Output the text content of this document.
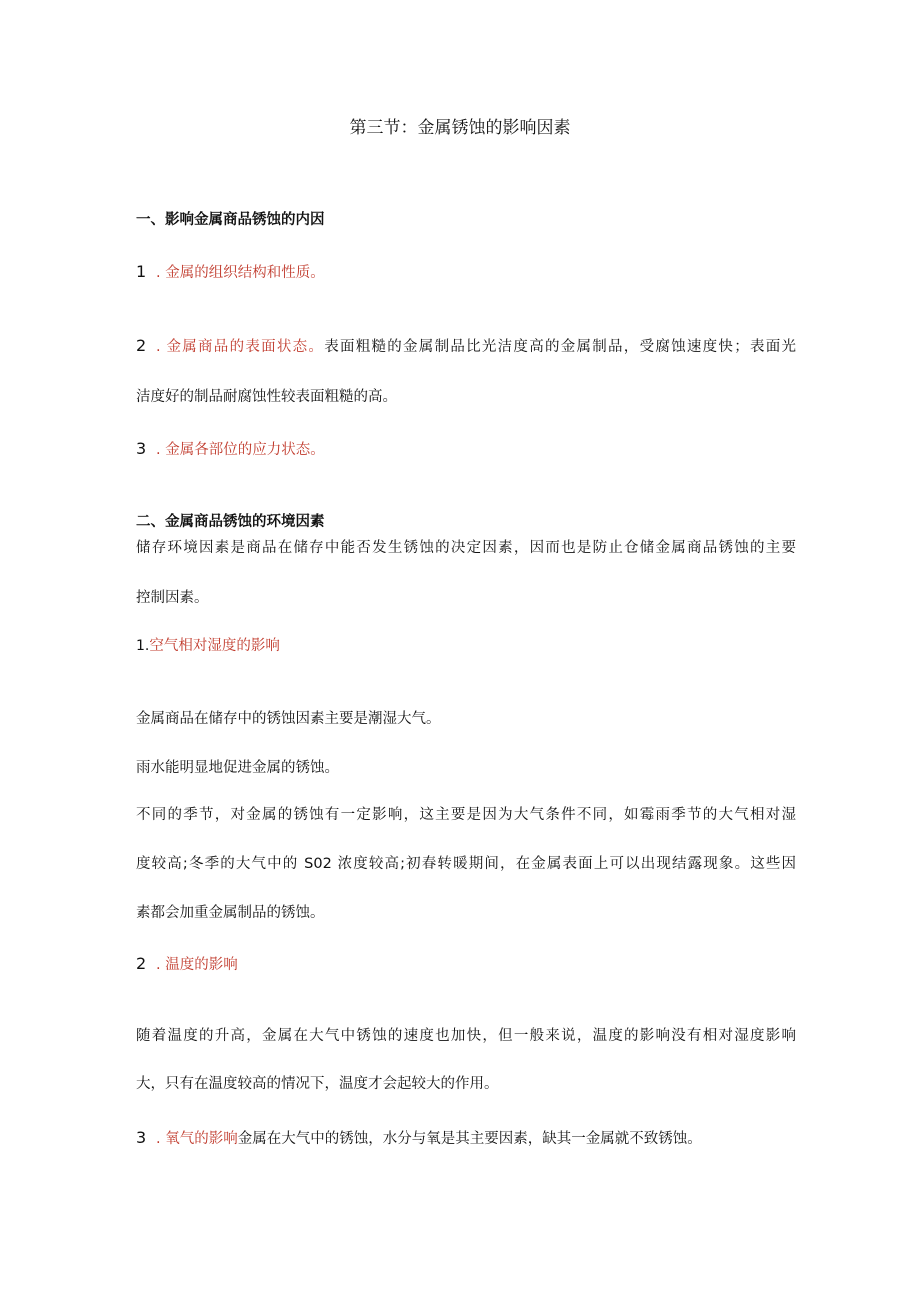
第三节：金属锈蚀的影响因素
一、影响金属商品锈蚀的内因
1 . 金属的组织结构和性质。
2 . 金属商品的表面状态。表面粗糙的金属制品比光洁度高的金属制品，受腐蚀速度快；表面光
洁度好的制品耐腐蚀性较表面粗糙的高。
3 . 金属各部位的应力状态。
二、金属商品锈蚀的环境因素
储存环境因素是商品在储存中能否发生锈蚀的决定因素，因而也是防止仓储金属商品锈蚀的主要
控制因素。
1.空气相对湿度的影响
金属商品在储存中的锈蚀因素主要是潮湿大气。
雨水能明显地促进金属的锈蚀。
不同的季节，对金属的锈蚀有一定影响，这主要是因为大气条件不同，如霉雨季节的大气相对湿
度较高;冬季的大气中的 S02 浓度较高;初春转暖期间，在金属表面上可以出现结露现象。这些因
素都会加重金属制品的锈蚀。
2 . 温度的影响
随着温度的升高，金属在大气中锈蚀的速度也加快，但一般来说，温度的影响没有相对湿度影响
大，只有在温度较高的情况下，温度才会起较大的作用。
3 . 氧气的影响金属在大气中的锈蚀，水分与氧是其主要因素，缺其一金属就不致锈蚀。
